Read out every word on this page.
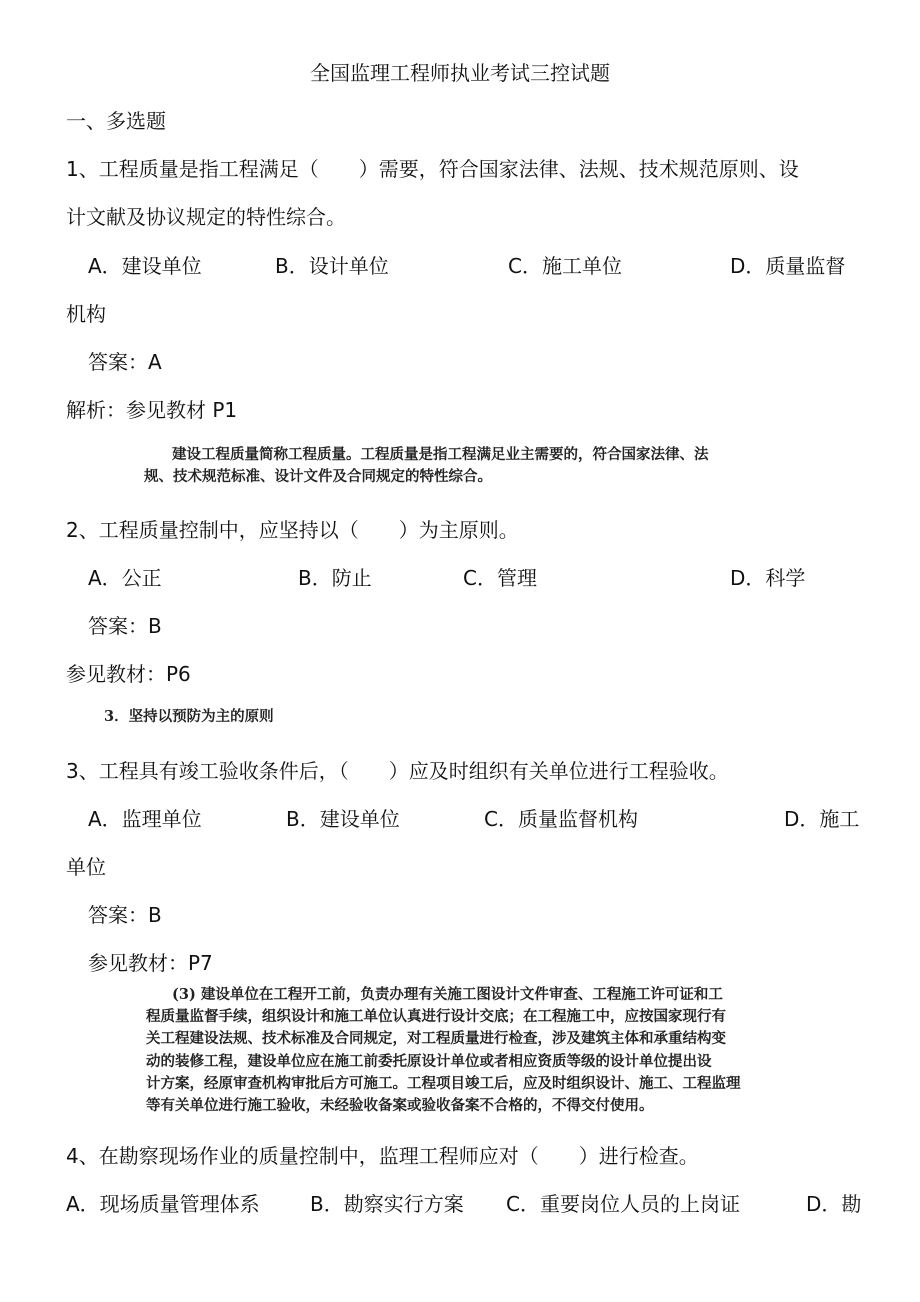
全国监理工程师执业考试三控试题
一、多选题
1、工程质量是指工程满足（　　）需要，符合国家法律、法规、技术规范原则、设
计文献及协议规定的特性综合。
A．建设单位	B．设计单位	C．施工单位	D．质量监督
机构
答案：A
解析：参见教材 P1
建设工程质量简称工程质量。工程质量是指工程满足业主需要的，符合国家法律、法
规、技术规范标准、设计文件及合同规定的特性综合。
2、工程质量控制中，应坚持以（　　）为主原则。
A．公正	B．防止	C．管理	D．科学
答案：B
参见教材：P6
3．坚持以预防为主的原则
3、工程具有竣工验收条件后，（　　）应及时组织有关单位进行工程验收。
A．监理单位	B．建设单位	C．质量监督机构	D．施工
单位
答案：B
参见教材：P7
(3) 建设单位在工程开工前，负责办理有关施工图设计文件审查、工程施工许可证和工
程质量监督手续，组织设计和施工单位认真进行设计交底；在工程施工中，应按国家现行有
关工程建设法规、技术标准及合同规定，对工程质量进行检查，涉及建筑主体和承重结构变
动的装修工程，建设单位应在施工前委托原设计单位或者相应资质等级的设计单位提出设
计方案，经原审查机构审批后方可施工。工程项目竣工后，应及时组织设计、施工、工程监理
等有关单位进行施工验收，未经验收备案或验收备案不合格的，不得交付使用。
4、在勘察现场作业的质量控制中，监理工程师应对（　　）进行检查。
A．现场质量管理体系	B．勘察实行方案 C．重要岗位人员的上岗证	D．勘
